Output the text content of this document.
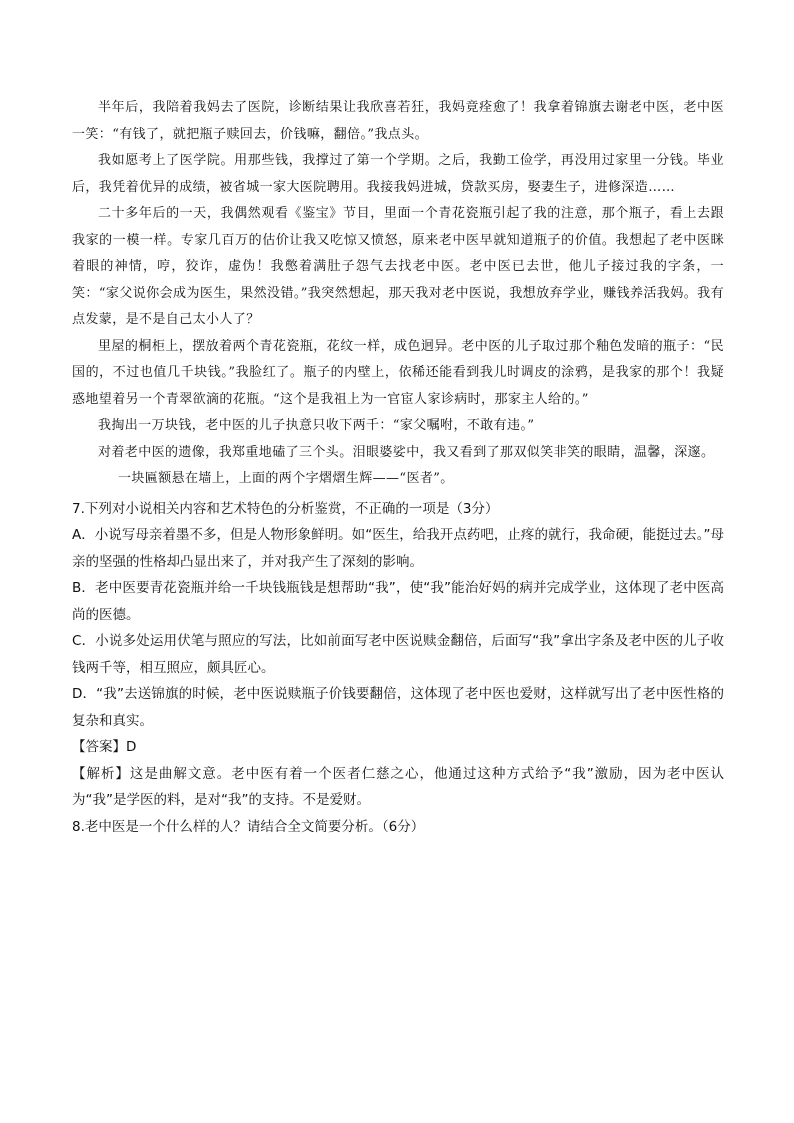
半年后，我陪着我妈去了医院，诊断结果让我欣喜若狂，我妈竟痊愈了！我拿着锦旗去谢老中医，老中医一笑：“有钱了，就把瓶子赎回去，价钱嘛，翻倍。”我点头。

我如愿考上了医学院。用那些钱，我撑过了第一个学期。之后，我勤工俭学，再没用过家里一分钱。毕业后，我凭着优异的成绩，被省城一家大医院聘用。我接我妈进城，贷款买房，娶妻生子，进修深造……

二十多年后的一天，我偶然观看《鉴宝》节目，里面一个青花瓷瓶引起了我的注意，那个瓶子，看上去跟我家的一模一样。专家几百万的估价让我又吃惊又愤怒，原来老中医早就知道瓶子的价值。我想起了老中医眯着眼的神情，哼，狡诈，虚伪！我憋着满肚子怨气去找老中医。老中医已去世，他儿子接过我的字条，一笑：“家父说你会成为医生，果然没错。”我突然想起，那天我对老中医说，我想放弃学业，赚钱养活我妈。我有点发蒙，是不是自己太小人了？

里屋的桐柜上，摆放着两个青花瓷瓶，花纹一样，成色迥异。老中医的儿子取过那个釉色发暗的瓶子：“民国的，不过也值几千块钱。”我脸红了。瓶子的内壁上，依稀还能看到我儿时调皮的涂鸦，是我家的那个！我疑惑地望着另一个青翠欲滴的花瓶。“这个是我祖上为一官宦人家诊病时，那家主人给的。”

我掏出一万块钱，老中医的儿子执意只收下两千：“家父嘱咐，不敢有违。”

对着老中医的遗像，我郑重地磕了三个头。泪眼婆娑中，我又看到了那双似笑非笑的眼睛，温馨，深邃。

一块匾额悬在墙上，上面的两个字熠熠生辉——“医者”。

7.下列对小说相关内容和艺术特色的分析鉴赏，不正确的一项是（3分）

A．小说写母亲着墨不多，但是人物形象鲜明。如“医生，给我开点药吧，止疼的就行，我命硬，能挺过去。”母亲的坚强的性格却凸显出来了，并对我产生了深刻的影响。

B．老中医要青花瓷瓶并给一千块钱瓶钱是想帮助“我”，使“我”能治好妈的病并完成学业，这体现了老中医高尚的医德。

C．小说多处运用伏笔与照应的写法，比如前面写老中医说赎金翻倍，后面写“我”拿出字条及老中医的儿子收钱两千等，相互照应，颇具匠心。

D．“我”去送锦旗的时候，老中医说赎瓶子价钱要翻倍，这体现了老中医也爱财，这样就写出了老中医性格的复杂和真实。

【答案】D

【解析】这是曲解文意。老中医有着一个医者仁慈之心，他通过这种方式给予“我”激励，因为老中医认为“我”是学医的料，是对“我”的支持。不是爱财。

8.老中医是一个什么样的人？请结合全文简要分析。（6分）
